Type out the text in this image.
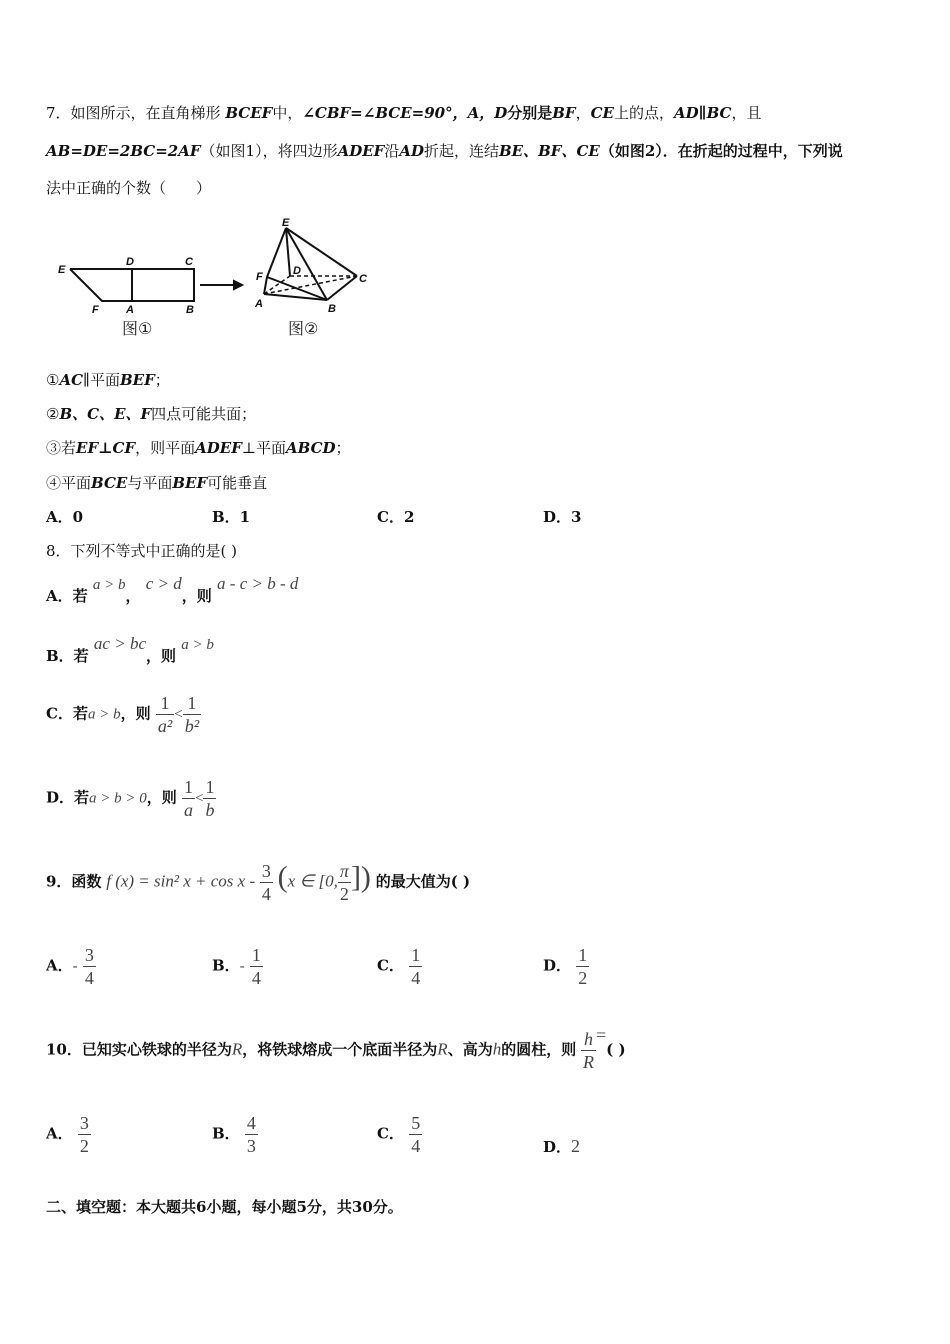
7．如图所示，在直角梯形 BCEF中，∠CBF=∠BCE=90°，A，D分别是BF，CE上的点，AD∥BC，且
AB=DE=2BC=2AF（如图1），将四边形ADEF沿AD折起，连结BE、BF、CE（如图2）．在折起的过程中，下列说
法中正确的个数（　　）
E
D	C
F A	B
E
F	D
C
A	B
图①	图②
①AC∥平面BEF；
②B、C、E、F四点可能共面；
③若EF⊥CF，则平面ADEF⊥平面ABCD；
④平面BCE与平面BEF可能垂直
A．0	B．1	C．2	D．3
8．下列不等式中正确的是( )
A．若 a > b， c > d，则 a - c > b - d
B．若 ac > bc，则 a > b
C．若a > b，则 $\frac{1}{\text{a²}} < \frac{1}{\text{b²}}$
D．若a > b > 0，则 $\frac{1}{a} < \frac{1}{b}$
9．函数 f (x) = sin² $x + \cos x - \frac{3}{4} (x$ ∈ [0, $\frac{\pi}{2}$ ]) 的最大值为( )
A．- $\frac{3}{4}$	B．- $\frac{1}{4}$	C． $\frac{1}{4}$	D． $\frac{1}{2}$
10．已知实心铁球的半径为R，将铁球熔成一个底面半径为R、高为h的圆柱，则 $\frac{h}{R}$ =( )
A． $\frac{3}{2}$	B． $\frac{4}{3}$	C． $\frac{5}{4}$	D．2
二、填空题：本大题共6小题，每小题5分，共30分。
